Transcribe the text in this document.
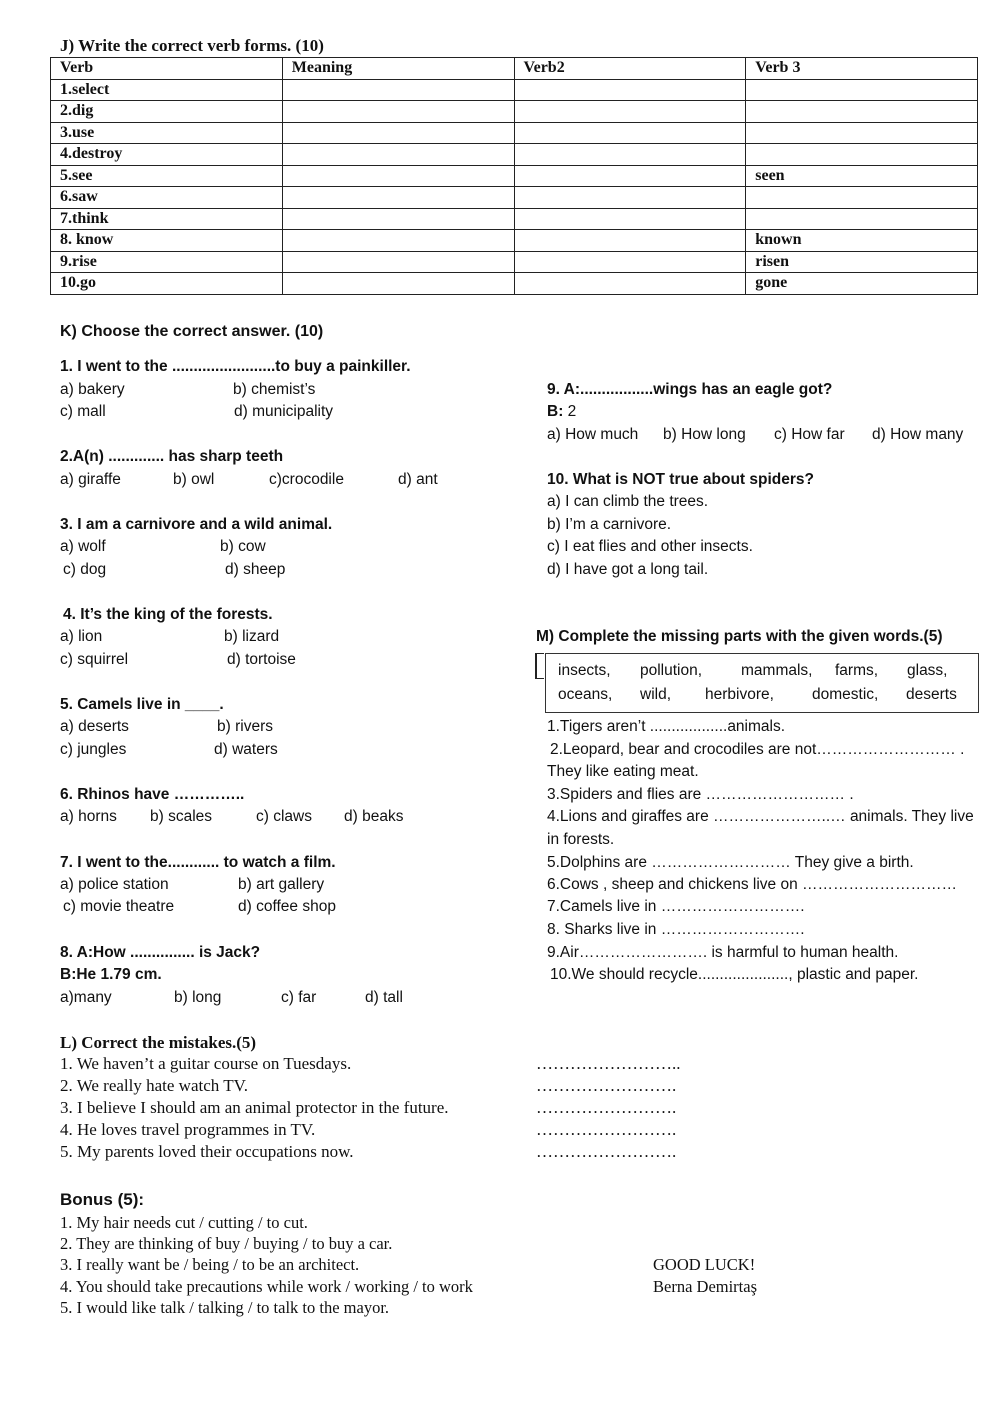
J) Write the correct verb forms. (10)
Verb	Meaning	Verb2	Verb 3
1.select			
2.dig			
3.use			
4.destroy			
5.see			seen
6.saw			
7.think			
8. know			known
9.rise			risen
10.go			gone
K) Choose the correct answer. (10)
1. I went to the ........................to buy a painkiller.
a) bakery	b) chemist’s
c) mall	d) municipality
2.A(n) ............. has sharp teeth
a) giraffe	b) owl	c)crocodile	d) ant
3. I am a carnivore and a wild animal.
a) wolf	b) cow
c) dog	d) sheep
4. It’s the king of the forests.
a) lion	b) lizard
c) squirrel	d) tortoise
5. Camels live in ____.
a) deserts	b) rivers
c) jungles	d) waters
6. Rhinos have …………..
a) horns b) scales	c) claws d) beaks
7. I went to the............ to watch a film.
a) police station	b) art gallery
c) movie theatre	d) coffee shop
8. A:How ............... is Jack?
B:He 1.79 cm.
a)many	b) long	c) far	d) tall
9. A:.................wings has an eagle got?
B: 2
a) How much b) How long c) How far d) How many
10. What is NOT true about spiders?
a) I can climb the trees.
b) I’m a carnivore.
c) I eat flies and other insects.
d) I have got a long tail.
M) Complete the missing parts with the given words.(5)
insects, pollution,	mammals, farms, glass,
oceans, wild, herbivore, domestic, deserts
1.Tigers aren’t ..................animals.
2.Leopard, bear and crocodiles are not……………………… .
They like eating meat.
3.Spiders and flies are ……………………… .
4.Lions and giraffes are …………………..… animals. They live
in forests.
5.Dolphins are ……………………… They give a birth.
6.Cows , sheep and chickens live on …………………………
7.Camels live in ……………………….
8. Sharks live in ……………………….
9.Air……………………. is harmful to human health.
10.We should recycle....................., plastic and paper.
L) Correct the mistakes.(5)
1. We haven’t a guitar course on Tuesdays.
2. We really hate watch TV.
3. I believe I should am an animal protector in the future.
4. He loves travel programmes in TV.
5. My parents loved their occupations now.
……………………..
…………………….
…………………….
…………………….
…………………….
Bonus (5):
1. My hair needs cut / cutting / to cut.
2. They are thinking of buy / buying / to buy a car.
3. I really want be / being / to be an architect.
4. You should take precautions while work / working / to work
5. I would like talk / talking / to talk to the mayor.
GOOD LUCK!
Berna Demirtaş
